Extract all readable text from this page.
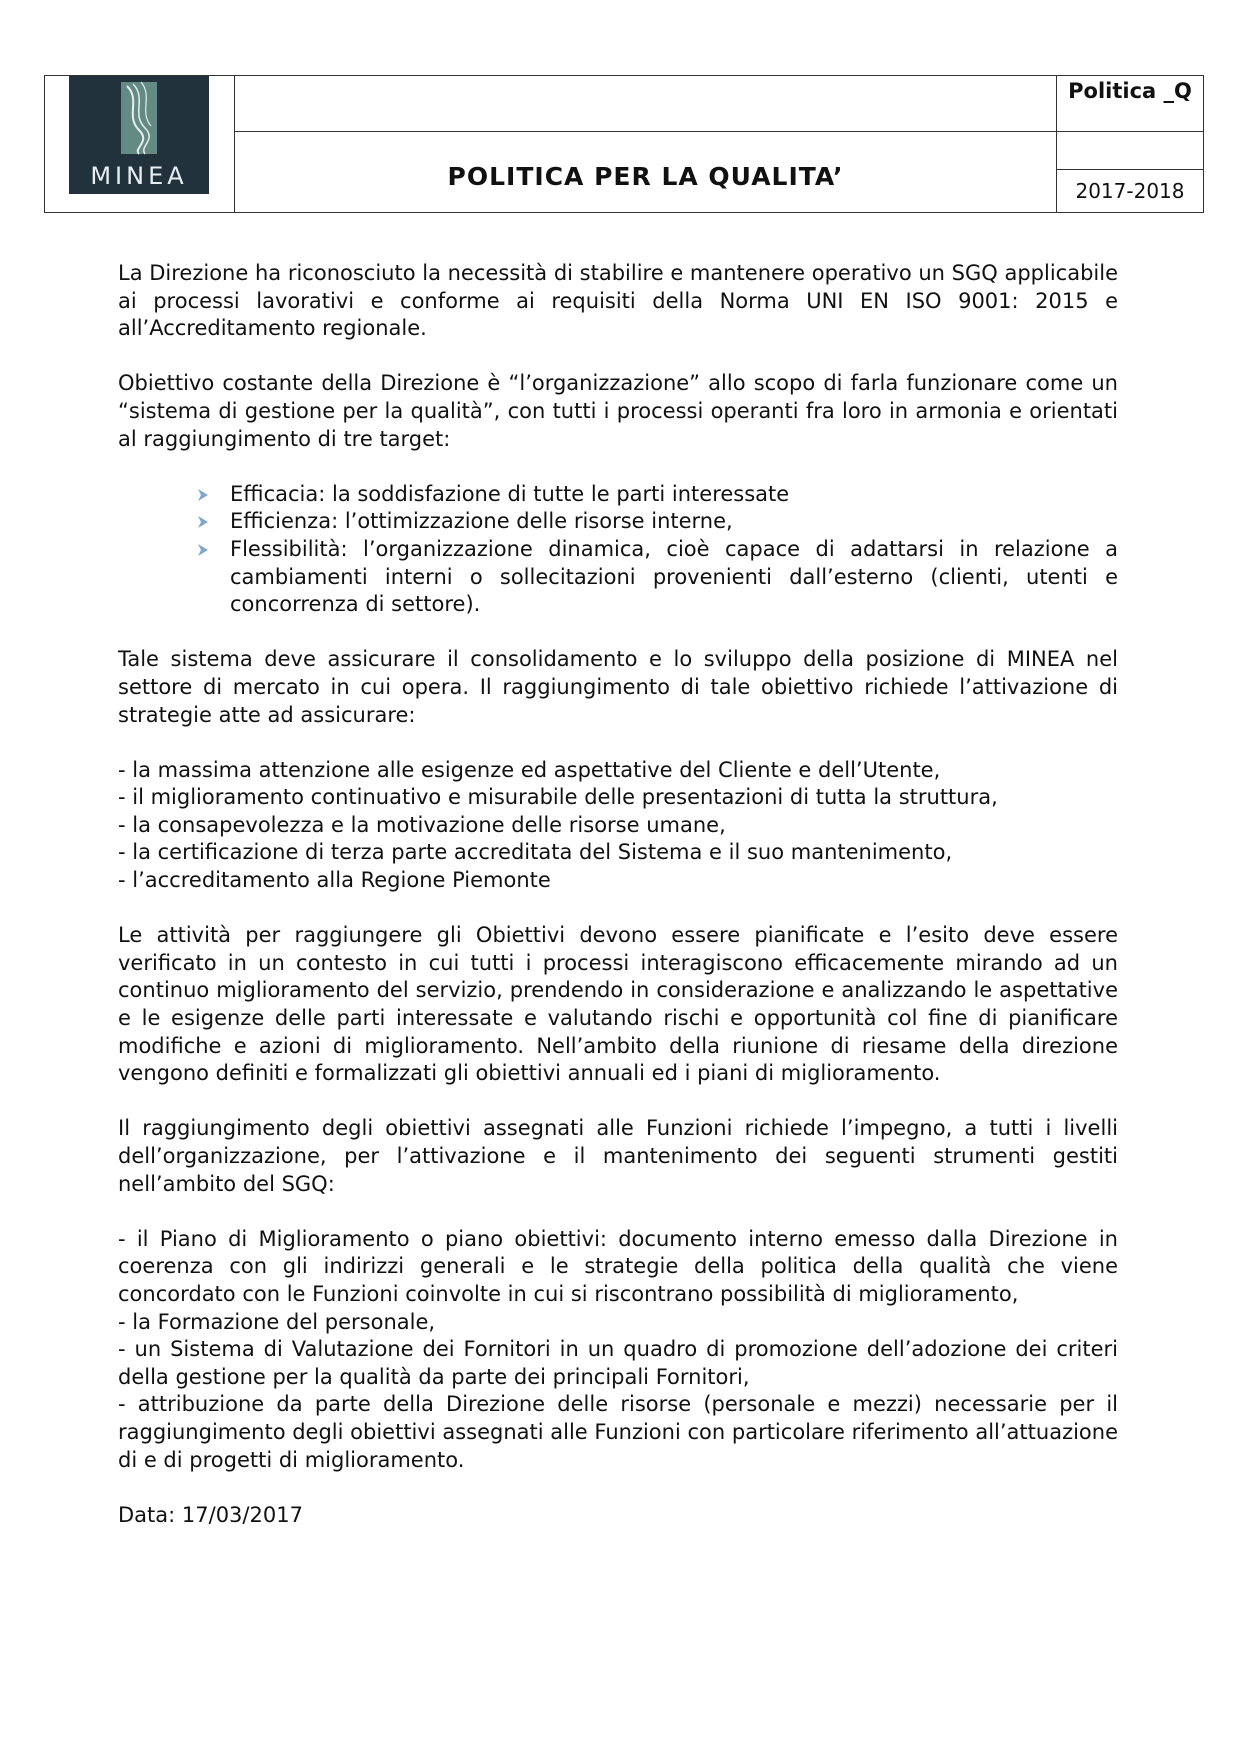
MINEA	POLITICA PER LA QUALITA’
Politica _Q
2017-2018

La Direzione ha riconosciuto la necessità di stabilire e mantenere operativo un SGQ applicabile ai processi lavorativi e conforme ai requisiti della Norma UNI EN ISO 9001: 2015 e all’Accreditamento regionale.

Obiettivo costante della Direzione è “l’organizzazione” allo scopo di farla funzionare come un “sistema di gestione per la qualità”, con tutti i processi operanti fra loro in armonia e orientati al raggiungimento di tre target:

Efficacia: la soddisfazione di tutte le parti interessate
Efficienza: l’ottimizzazione delle risorse interne,
Flessibilità: l’organizzazione dinamica, cioè capace di adattarsi in relazione a cambiamenti interni o sollecitazioni provenienti dall’esterno (clienti, utenti e concorrenza di settore).

Tale sistema deve assicurare il consolidamento e lo sviluppo della posizione di MINEA nel settore di mercato in cui opera. Il raggiungimento di tale obiettivo richiede l’attivazione di strategie atte ad assicurare:

- la massima attenzione alle esigenze ed aspettative del Cliente e dell’Utente,
- il miglioramento continuativo e misurabile delle presentazioni di tutta la struttura,
- la consapevolezza e la motivazione delle risorse umane,
- la certificazione di terza parte accreditata del Sistema e il suo mantenimento,
- l’accreditamento alla Regione Piemonte

Le attività per raggiungere gli Obiettivi devono essere pianificate e l’esito deve essere verificato in un contesto in cui tutti i processi interagiscono efficacemente mirando ad un continuo miglioramento del servizio, prendendo in considerazione e analizzando le aspettative e le esigenze delle parti interessate e valutando rischi e opportunità col fine di pianificare modifiche e azioni di miglioramento. Nell’ambito della riunione di riesame della direzione vengono definiti e formalizzati gli obiettivi annuali ed i piani di miglioramento.

Il raggiungimento degli obiettivi assegnati alle Funzioni richiede l’impegno, a tutti i livelli dell’organizzazione, per l’attivazione e il mantenimento dei seguenti strumenti gestiti nell’ambito del SGQ:

- il Piano di Miglioramento o piano obiettivi: documento interno emesso dalla Direzione in coerenza con gli indirizzi generali e le strategie della politica della qualità che viene concordato con le Funzioni coinvolte in cui si riscontrano possibilità di miglioramento,
- la Formazione del personale,
- un Sistema di Valutazione dei Fornitori in un quadro di promozione dell’adozione dei criteri della gestione per la qualità da parte dei principali Fornitori,
- attribuzione da parte della Direzione delle risorse (personale e mezzi) necessarie per il raggiungimento degli obiettivi assegnati alle Funzioni con particolare riferimento all’attuazione di e di progetti di miglioramento.

Data: 17/03/2017
